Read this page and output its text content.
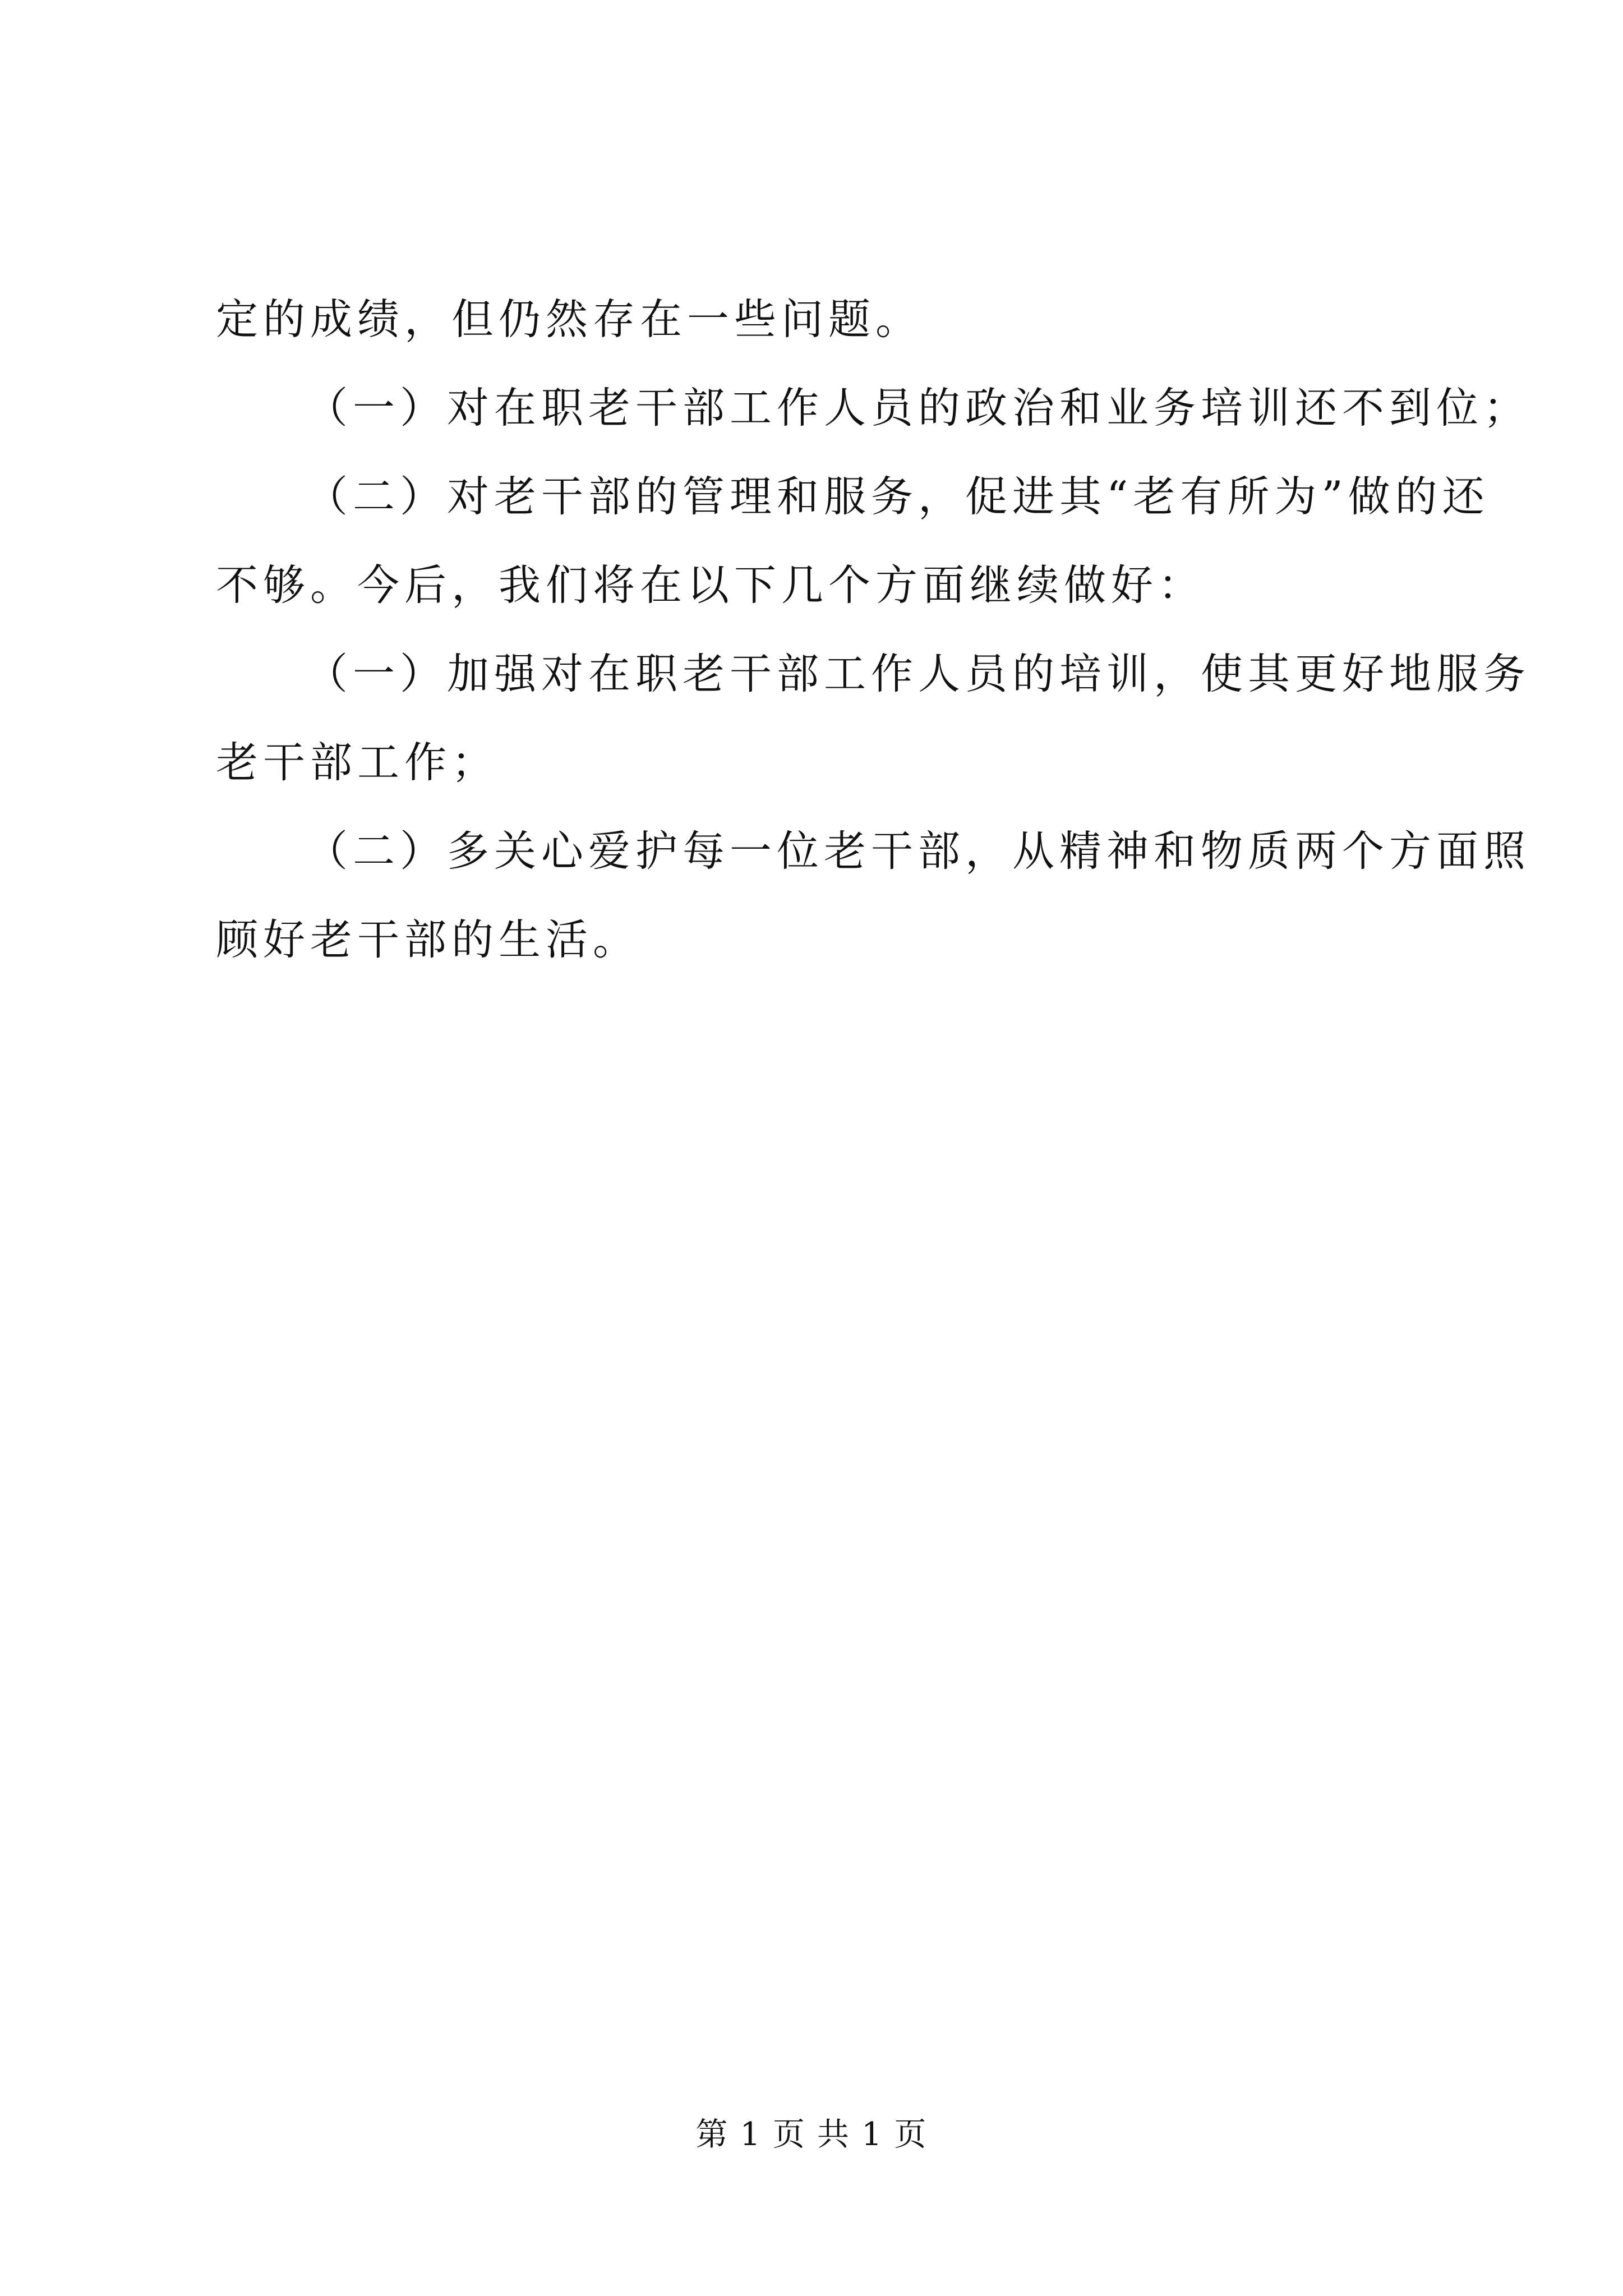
定的成绩，但仍然存在一些问题。

（一）对在职老干部工作人员的政治和业务培训还不到位；

（二）对老干部的管理和服务，促进其“老有所为”做的还

不够。今后，我们将在以下几个方面继续做好：

（一）加强对在职老干部工作人员的培训，使其更好地服务

老干部工作；

（二）多关心爱护每一位老干部，从精神和物质两个方面照

顾好老干部的生活。

第 1 页 共 1 页
